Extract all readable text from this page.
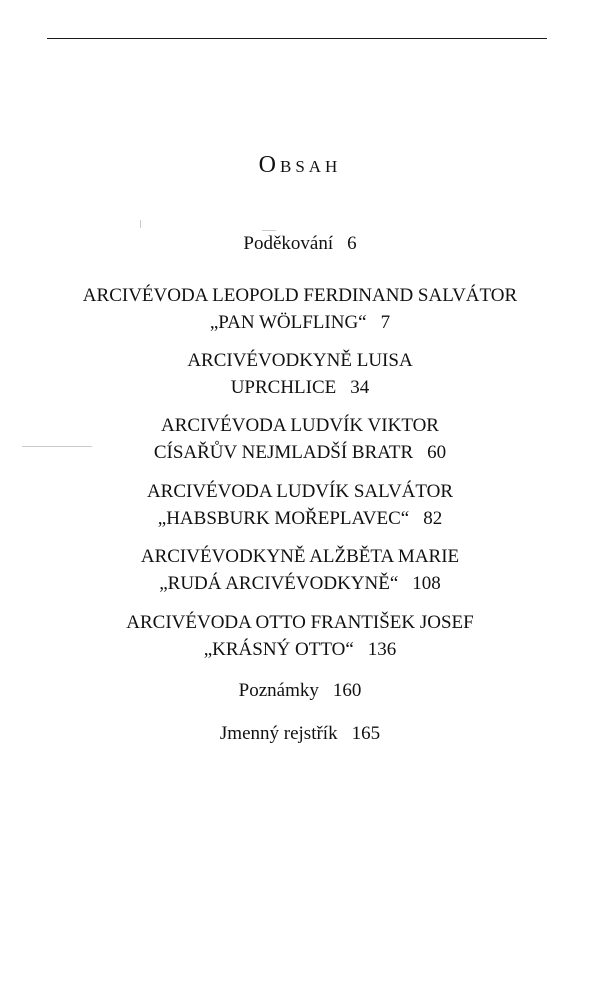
Obsah
Poděkování 6
ARCIVÉVODA LEOPOLD FERDINAND SALVÁTOR
„PAN WÖLFLING“ 7
ARCIVÉVODKYNĚ LUISA
UPRCHLICE 34
ARCIVÉVODA LUDVÍK VIKTOR
CÍSAŘŮV NEJMLADŠÍ BRATR 60
ARCIVÉVODA LUDVÍK SALVÁTOR
„HABSBURK MOŘEPLAVEC“ 82
ARCIVÉVODKYNĚ ALŽBĚTA MARIE
„RUDÁ ARCIVÉVODKYNĚ“ 108
ARCIVÉVODA OTTO FRANTIŠEK JOSEF
„KRÁSNÝ OTTO“ 136
Poznámky 160
Jmenný rejstřík 165
